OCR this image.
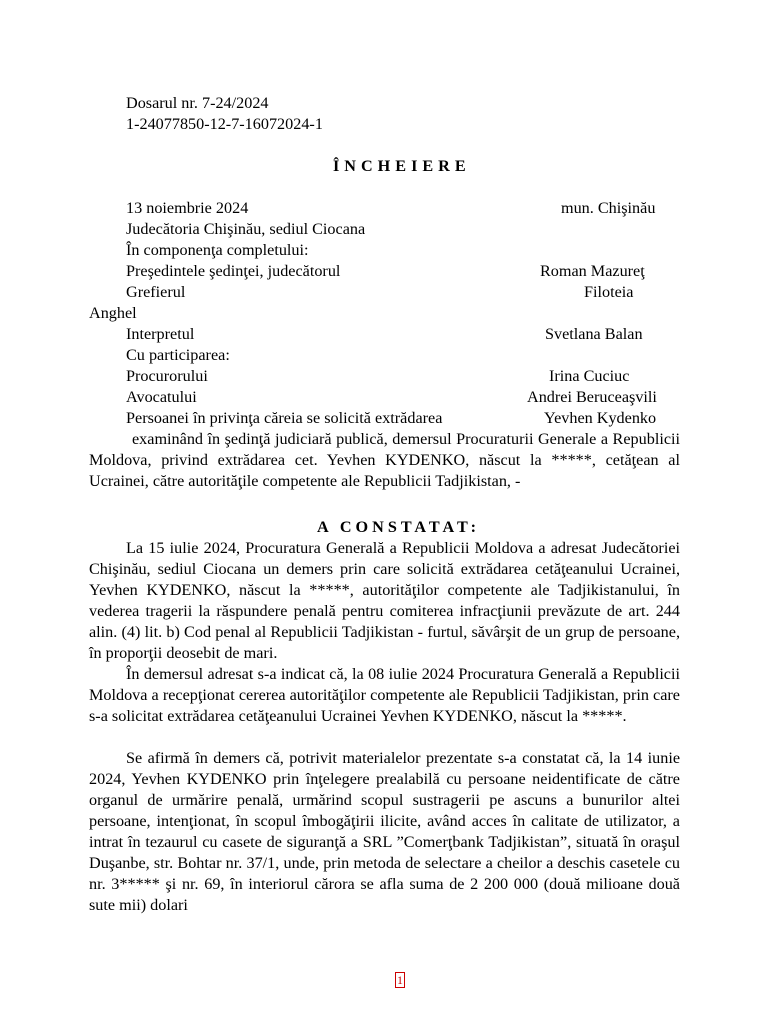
Dosarul nr. 7-24/2024
1-24077850-12-7-16072024-1
ÎNCHEIERE
13 noiembrie 2024	mun. Chişinău
Judecătoria Chişinău, sediul Ciocana
În componenţa completului:
Preşedintele şedinţei, judecătorul	Roman Mazureţ
Grefierul	Filoteia
Anghel
Interpretul	Svetlana Balan
Cu participarea:
Procurorului	Irina Cuciuc
Avocatului	Andrei Beruceaşvili
Persoanei în privinţa căreia se solicită extrădarea	Yevhen Kydenko

examinând în şedinţă judiciară publică, demersul Procuraturii Generale a Republicii Moldova, privind extrădarea cet. Yevhen KYDENKO, născut la *****, cetăţean al Ucrainei, către autorităţile competente ale Republicii Tadjikistan, -

A CONSTATAT:

La 15 iulie 2024, Procuratura Generală a Republicii Moldova a adresat Judecătoriei Chişinău, sediul Ciocana un demers prin care solicită extrădarea cetăţeanului Ucrainei, Yevhen KYDENKO, născut la *****, autorităţilor competente ale Tadjikistanului, în vederea tragerii la răspundere penală pentru comiterea infracţiunii prevăzute de art. 244 alin. (4) lit. b) Cod penal al Republicii Tadjikistan - furtul, săvârşit de un grup de persoane, în proporţii deosebit de mari.

În demersul adresat s-a indicat că, la 08 iulie 2024 Procuratura Generală a Republicii Moldova a recepţionat cererea autorităţilor competente ale Republicii Tadjikistan, prin care s-a solicitat extrădarea cetăţeanului Ucrainei Yevhen KYDENKO, născut la *****.

Se afirmă în demers că, potrivit materialelor prezentate s-a constatat că, la 14 iunie 2024, Yevhen KYDENKO prin înţelegere prealabilă cu persoane neidentificate de către organul de urmărire penală, urmărind scopul sustragerii pe ascuns a bunurilor altei persoane, intenţionat, în scopul îmbogăţirii ilicite, având acces în calitate de utilizator, a intrat în tezaurul cu casete de siguranţă a SRL ”Comerţbank Tadjikistan”, situată în oraşul Duşanbe, str. Bohtar nr. 37/1, unde, prin metoda de selectare a cheilor a deschis casetele cu nr. 3***** şi nr. 69, în interiorul cărora se afla suma de 2 200 000 (două milioane două sute mii) dolari

1
